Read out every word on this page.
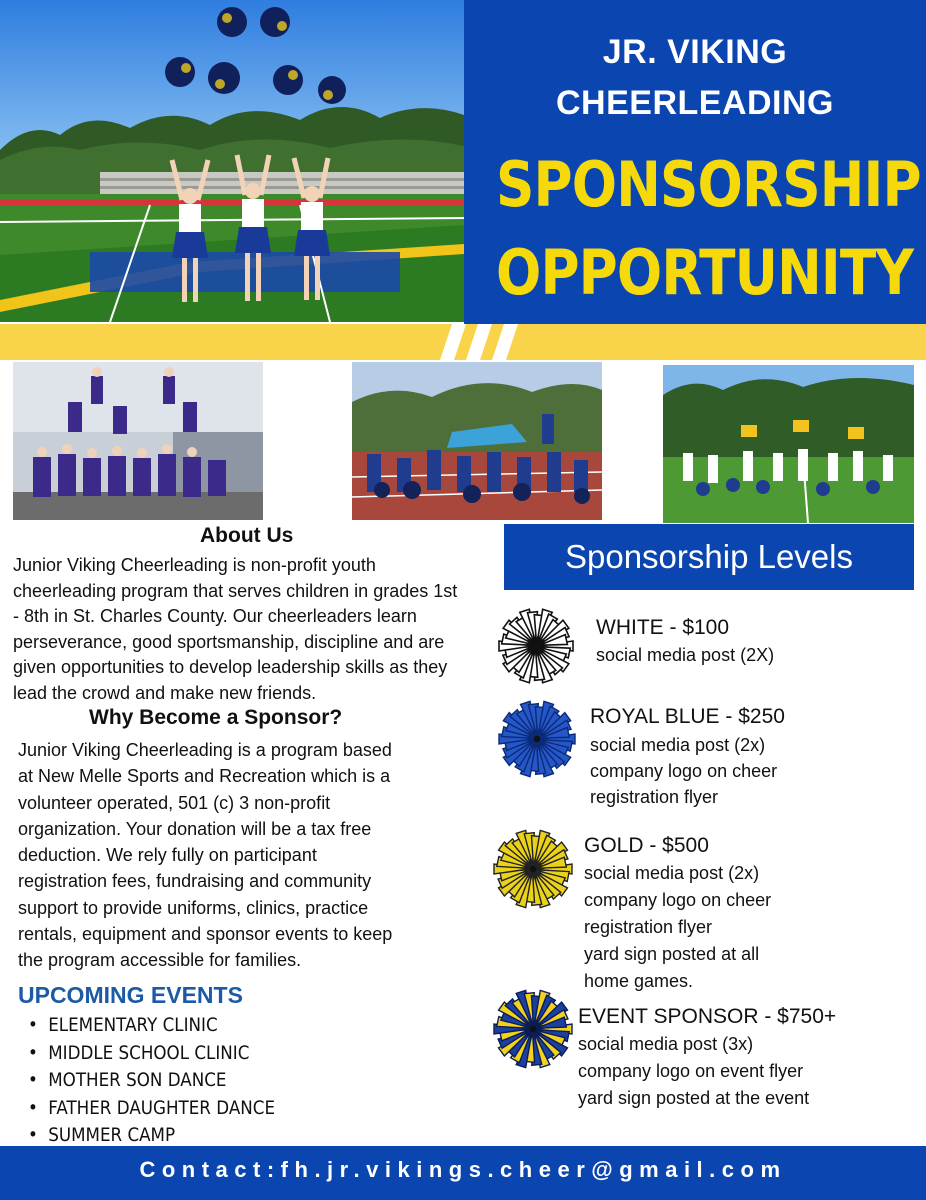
JR. VIKING
CHEERLEADING
SPONSORSHIP
OPPORTUNITY
About Us
Junior Viking Cheerleading is non-profit youth
cheerleading program that serves children in grades 1st
- 8th in St. Charles County. Our cheerleaders learn
perseverance, good sportsmanship, discipline and are
given opportunities to develop leadership skills as they
lead the crowd and make new friends.
Why Become a Sponsor?
Junior Viking Cheerleading is a program based
at New Melle Sports and Recreation which is a
volunteer operated, 501 (c) 3 non-profit
organization. Your donation will be a tax free
deduction. We rely fully on participant
registration fees, fundraising and community
support to provide uniforms, clinics, practice
rentals, equipment and sponsor events to keep
the program accessible for families.
UPCOMING EVENTS
• ELEMENTARY CLINIC
• MIDDLE SCHOOL CLINIC
• MOTHER SON DANCE
• FATHER DAUGHTER DANCE
• SUMMER CAMP
Sponsorship Levels
WHITE - $100
social media post (2X)
ROYAL BLUE - $250
social media post (2x)
company logo on cheer
registration flyer
GOLD - $500
social media post (2x)
company logo on cheer
registration flyer
yard sign posted at all
home games.
EVENT SPONSOR - $750+
social media post (3x)
company logo on event flyer
yard sign posted at the event
Contact:fh.jr.vikings.cheer@gmail.com
